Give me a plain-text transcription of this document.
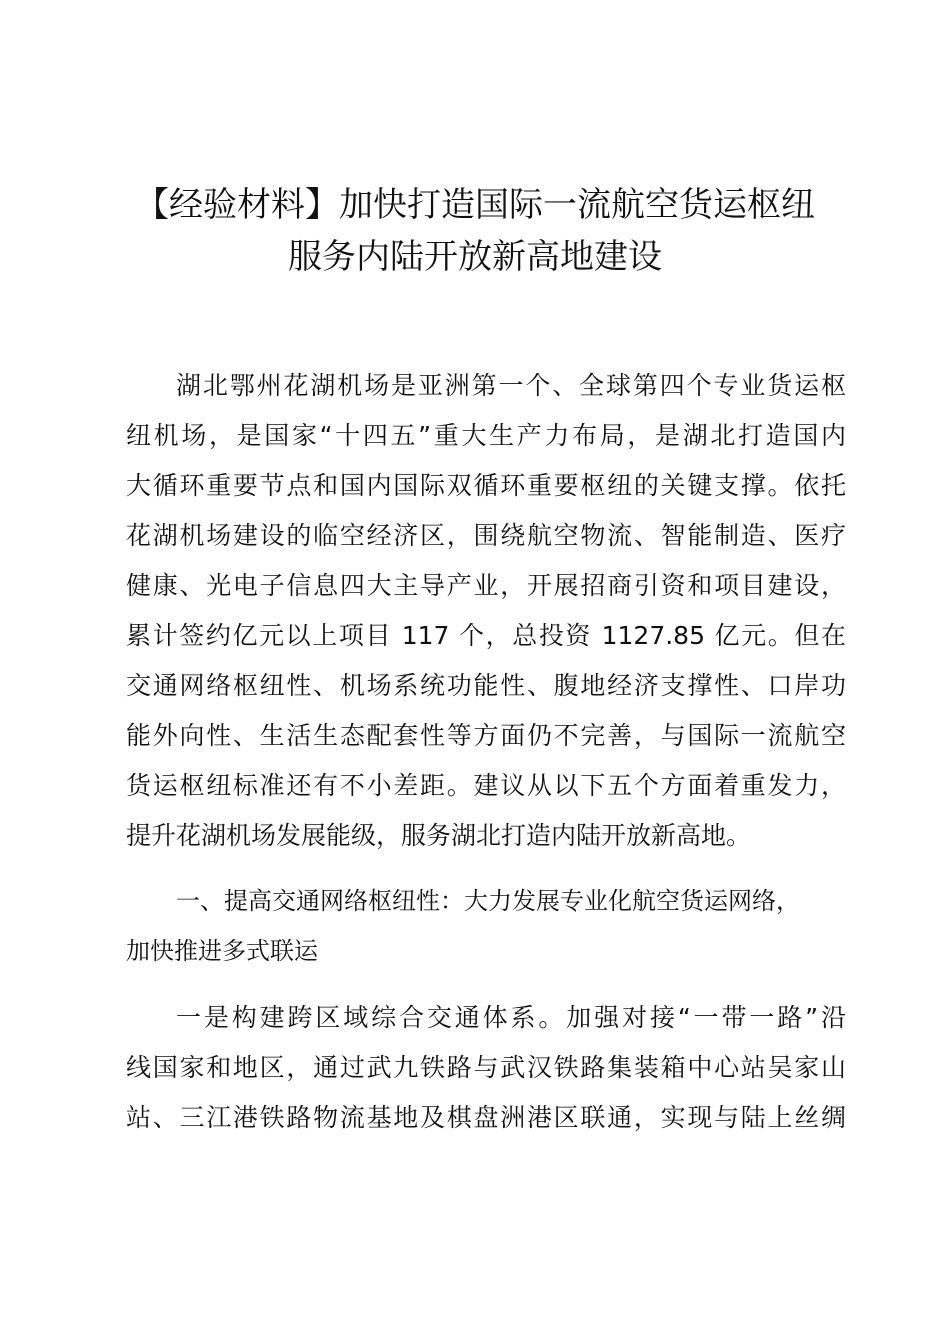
【经验材料】加快打造国际一流航空货运枢纽
服务内陆开放新高地建设
湖北鄂州花湖机场是亚洲第一个、全球第四个专业货运枢
纽机场，是国家“十四五”重大生产力布局，是湖北打造国内
大循环重要节点和国内国际双循环重要枢纽的关键支撑。依托
花湖机场建设的临空经济区，围绕航空物流、智能制造、医疗
健康、光电子信息四大主导产业，开展招商引资和项目建设，
累计签约亿元以上项目 117 个，总投资 1127.85 亿元。但在
交通网络枢纽性、机场系统功能性、腹地经济支撑性、口岸功
能外向性、生活生态配套性等方面仍不完善，与国际一流航空
货运枢纽标准还有不小差距。建议从以下五个方面着重发力，
提升花湖机场发展能级，服务湖北打造内陆开放新高地。
一、提高交通网络枢纽性：大力发展专业化航空货运网络，
加快推进多式联运
一是构建跨区域综合交通体系。加强对接“一带一路”沿
线国家和地区，通过武九铁路与武汉铁路集装箱中心站吴家山
站、三江港铁路物流基地及棋盘洲港区联通，实现与陆上丝绸
